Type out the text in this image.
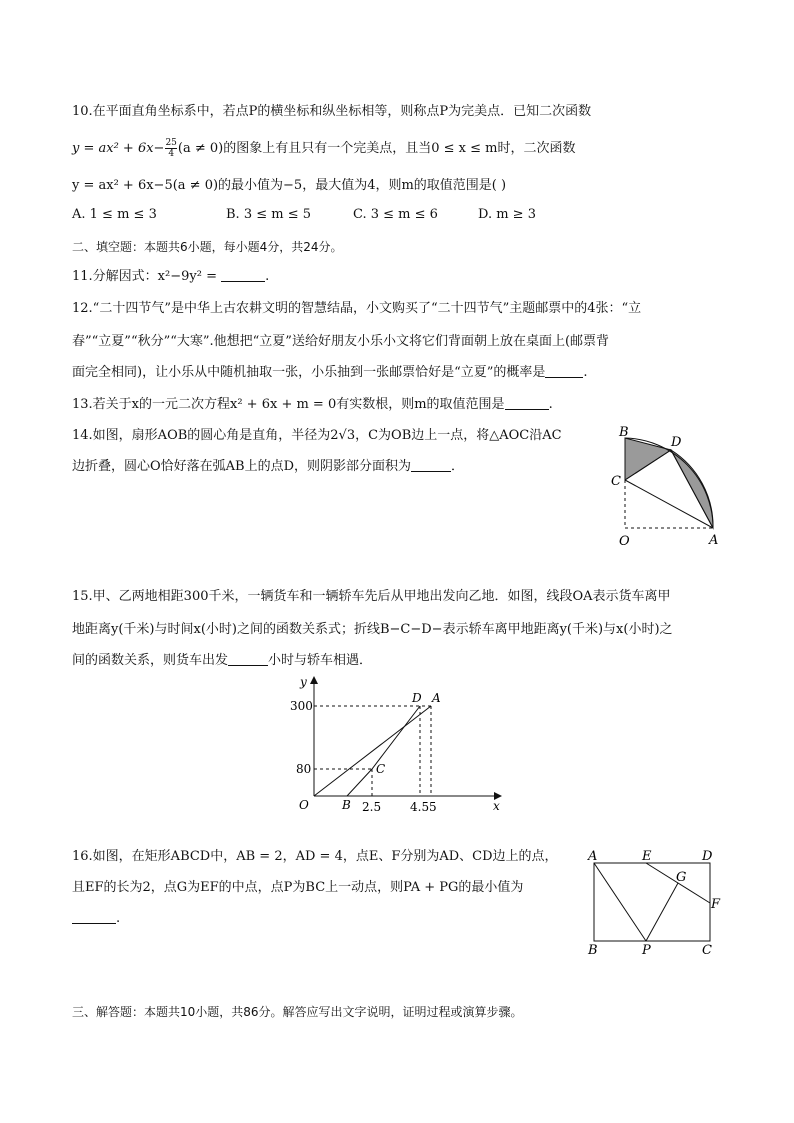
10.在平面直角坐标系中，若点P的横坐标和纵坐标相等，则称点P为完美点．已知二次函数
$y = ax^2 + 6x- \frac{25}{4} (a \ne 0)$的图象上有且只有一个完美点，且当0 ≤ x ≤ m时，二次函数
y = ax² + 6x−5(a ≠ 0)的最小值为−5，最大值为4，则m的取值范围是( )
A. 1 ≤ m ≤ 3	B. 3 ≤ m ≤ 5	C. 3 ≤ m ≤ 6	D. m ≥ 3
二、填空题：本题共6小题，每小题4分，共24分。
11.分解因式：x²−9y² =	.
12.“二十四节气”是中华上古农耕文明的智慧结晶，小文购买了“二十四节气”主题邮票中的4张：“立
春”“立夏”“秋分”“大寒”.他想把“立夏”送给好朋友小乐小文将它们背面朝上放在桌面上(邮票背
面完全相同)，让小乐从中随机抽取一张，小乐抽到一张邮票恰好是“立夏”的概率是	.
13.若关于x的一元二次方程x² + 6x + m = 0有实数根，则m的取值范围是	.
14.如图，扇形AOB的圆心角是直角，半径为2√3，C为OB边上一点，将△AOC沿AC
边折叠，圆心O恰好落在弧AB上的点D，则阴影部分面积为	．
B
D
C
O	A
15.甲、乙两地相距300千米，一辆货车和一辆轿车先后从甲地出发向乙地．如图，线段OA表示货车离甲
地距离y(千米)与时间x(小时)之间的函数关系式；折线B−C−D−表示轿车离甲地距离y(千米)与x(小时)之
间的函数关系，则货车出发	小时与轿车相遇．
y
x
O
300
80
2.5 4.5 5
B
C
D A
16.如图，在矩形ABCD中，AB = 2，AD = 4，点E、F分别为AD、CD边上的点，
且EF的长为2，点G为EF的中点，点P为BC上一动点，则PA + PG的最小值为
.
A	E	D
G
F
B	P	C
三、解答题：本题共10小题，共86分。解答应写出文字说明，证明过程或演算步骤。
